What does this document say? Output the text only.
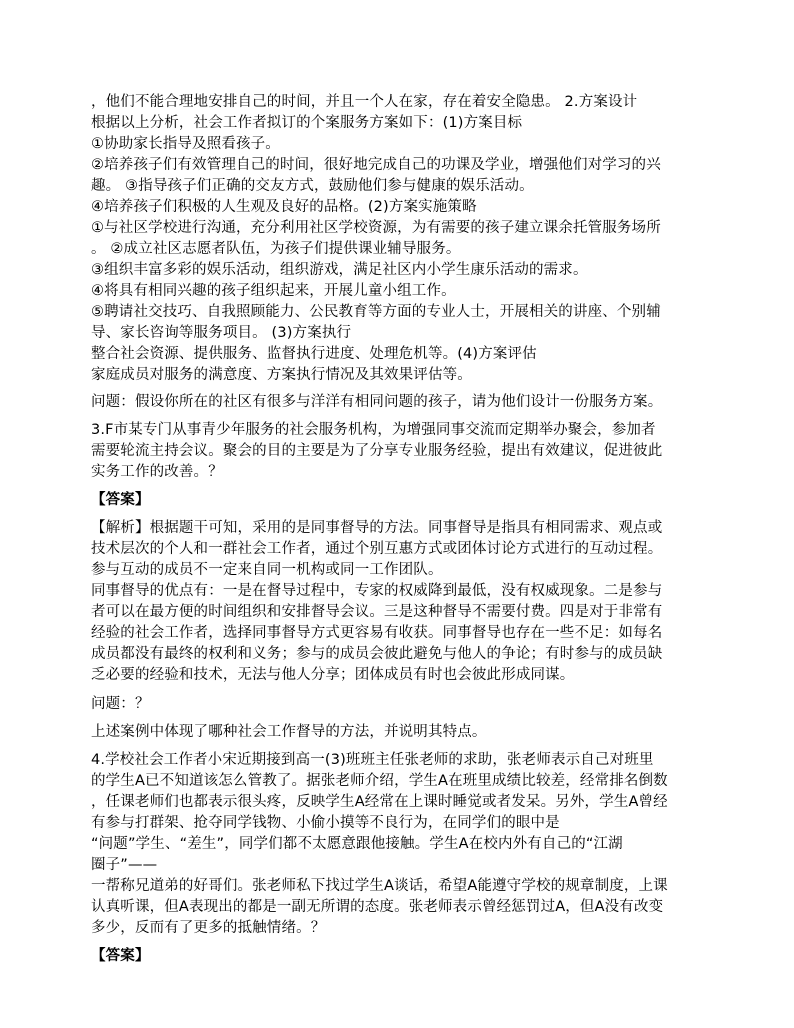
，他们不能合理地安排自己的时间，并且一个人在家，存在着安全隐患。 2.方案设计
根据以上分析，社会工作者拟订的个案服务方案如下：(1)方案目标
①协助家长指导及照看孩子。
②培养孩子们有效管理自己的时间，很好地完成自己的功课及学业，增强他们对学习的兴
趣。 ③指导孩子们正确的交友方式，鼓励他们参与健康的娱乐活动。
④培养孩子们积极的人生观及良好的品格。(2)方案实施策略
①与社区学校进行沟通，充分利用社区学校资源，为有需要的孩子建立课余托管服务场所
。 ②成立社区志愿者队伍，为孩子们提供课业辅导服务。
③组织丰富多彩的娱乐活动，组织游戏，满足社区内小学生康乐活动的需求。
④将具有相同兴趣的孩子组织起来，开展儿童小组工作。
⑤聘请社交技巧、自我照顾能力、公民教育等方面的专业人士，开展相关的讲座、个别辅
导、家长咨询等服务项目。 (3)方案执行
整合社会资源、提供服务、监督执行进度、处理危机等。(4)方案评估
家庭成员对服务的满意度、方案执行情况及其效果评估等。
问题：假设你所在的社区有很多与洋洋有相同问题的孩子，请为他们设计一份服务方案。
3.F市某专门从事青少年服务的社会服务机构，为增强同事交流而定期举办聚会，参加者
需要轮流主持会议。聚会的目的主要是为了分享专业服务经验，提出有效建议，促进彼此
实务工作的改善。？
【答案】
【解析】根据题干可知，采用的是同事督导的方法。同事督导是指具有相同需求、观点或
技术层次的个人和一群社会工作者，通过个别互惠方式或团体讨论方式进行的互动过程。
参与互动的成员不一定来自同一机构或同一工作团队。
同事督导的优点有：一是在督导过程中，专家的权威降到最低，没有权威现象。二是参与
者可以在最方便的时间组织和安排督导会议。三是这种督导不需要付费。四是对于非常有
经验的社会工作者，选择同事督导方式更容易有收获。同事督导也存在一些不足：如每名
成员都没有最终的权利和义务；参与的成员会彼此避免与他人的争论；有时参与的成员缺
乏必要的经验和技术，无法与他人分享；团体成员有时也会彼此形成同谋。
问题：？
上述案例中体现了哪种社会工作督导的方法，并说明其特点。
4.学校社会工作者小宋近期接到高一(3)班班主任张老师的求助，张老师表示自己对班里
的学生A已不知道该怎么管教了。据张老师介绍，学生A在班里成绩比较差，经常排名倒数
，任课老师们也都表示很头疼，反映学生A经常在上课时睡觉或者发呆。另外，学生A曾经
有参与打群架、抢夺同学钱物、小偷小摸等不良行为，在同学们的眼中是
“问题”学生、“差生”，同学们都不太愿意跟他接触。学生A在校内外有自己的“江湖
圈子”——
一帮称兄道弟的好哥们。张老师私下找过学生A谈话，希望A能遵守学校的规章制度，上课
认真听课，但A表现出的都是一副无所谓的态度。张老师表示曾经惩罚过A，但A没有改变
多少，反而有了更多的抵触情绪。？
【答案】
